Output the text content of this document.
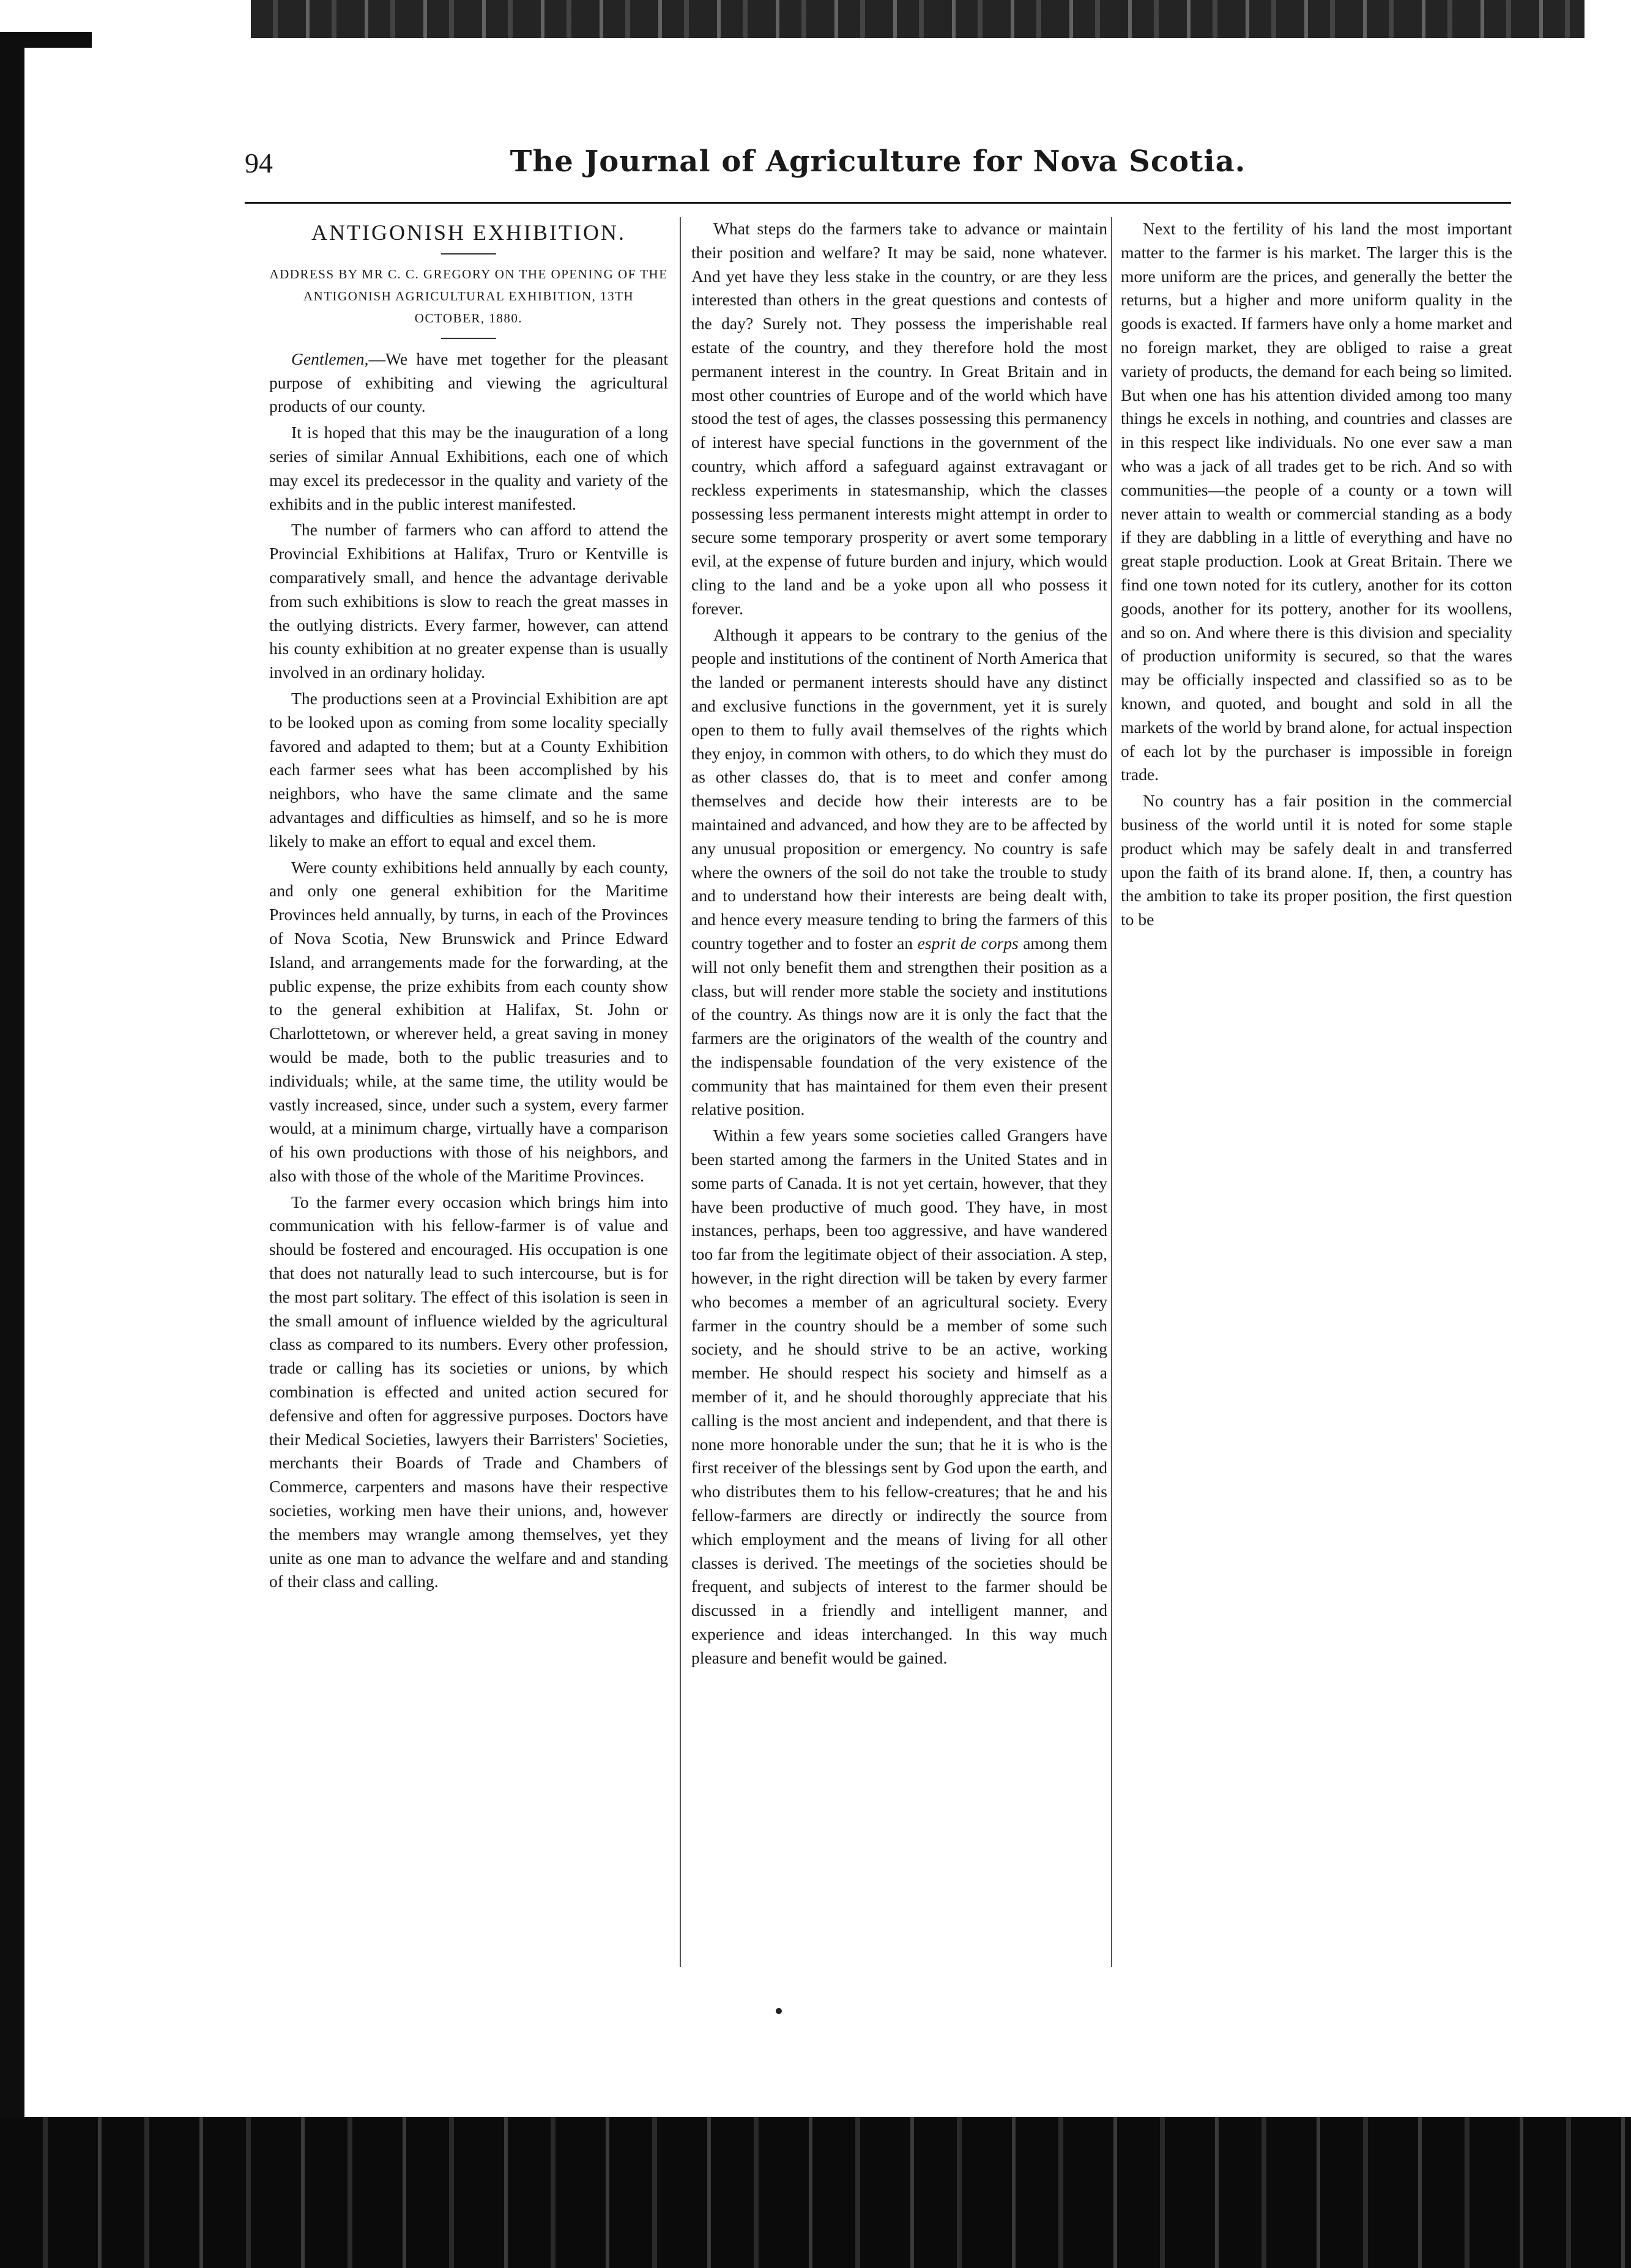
94	The Journal of Agriculture for Nova Scotia.
ANTIGONISH EXHIBITION.
ADDRESS BY MR C. C. GREGORY ON THE OPENING OF THE ANTIGONISH AGRICULTURAL EXHIBITION, 13TH OCTOBER, 1880.

Gentlemen,—We have met together for the pleasant purpose of exhibiting and viewing the agricultural products of our county.

It is hoped that this may be the inauguration of a long series of similar Annual Exhibitions, each one of which may excel its predecessor in the quality and variety of the exhibits and in the public interest manifested.

The number of farmers who can afford to attend the Provincial Exhibitions at Halifax, Truro or Kentville is comparatively small, and hence the advantage derivable from such exhibitions is slow to reach the great masses in the outlying districts. Every farmer, however, can attend his county exhibition at no greater expense than is usually involved in an ordinary holiday.

The productions seen at a Provincial Exhibition are apt to be looked upon as coming from some locality specially favored and adapted to them; but at a County Exhibition each farmer sees what has been accomplished by his neighbors, who have the same climate and the same advantages and difficulties as himself, and so he is more likely to make an effort to equal and excel them.

Were county exhibitions held annually by each county, and only one general exhibition for the Maritime Provinces held annually, by turns, in each of the Provinces of Nova Scotia, New Brunswick and Prince Edward Island, and arrangements made for the forwarding, at the public expense, the prize exhibits from each county show to the general exhibition at Halifax, St. John or Charlottetown, or wherever held, a great saving in money would be made, both to the public treasuries and to individuals; while, at the same time, the utility would be vastly increased, since, under such a system, every farmer would, at a minimum charge, virtually have a comparison of his own productions with those of his neighbors, and also with those of the whole of the Maritime Provinces.

To the farmer every occasion which brings him into communication with his fellow-farmer is of value and should be fostered and encouraged. His occupation is one that does not naturally lead to such intercourse, but is for the most part solitary. The effect of this isolation is seen in the small amount of influence wielded by the agricultural class as compared to its numbers. Every other profession, trade or calling has its societies or unions, by which combination is effected and united action secured for defensive and often for aggressive purposes. Doctors have their Medical Societies, lawyers their Barristers' Societies, merchants their Boards of Trade and Chambers of Commerce, carpenters and masons have their respective societies, working men have their unions, and, however the members may wrangle among themselves, yet they unite as one man to advance the welfare and and standing of their class and calling.

What steps do the farmers take to advance or maintain their position and welfare? It may be said, none whatever. And yet have they less stake in the country, or are they less interested than others in the great questions and contests of the day? Surely not. They possess the imperishable real estate of the country, and they therefore hold the most permanent interest in the country. In Great Britain and in most other countries of Europe and of the world which have stood the test of ages, the classes possessing this permanency of interest have special functions in the government of the country, which afford a safeguard against extravagant or reckless experiments in statesmanship, which the classes possessing less permanent interests might attempt in order to secure some temporary prosperity or avert some temporary evil, at the expense of future burden and injury, which would cling to the land and be a yoke upon all who possess it forever.

Although it appears to be contrary to the genius of the people and institutions of the continent of North America that the landed or permanent interests should have any distinct and exclusive functions in the government, yet it is surely open to them to fully avail themselves of the rights which they enjoy, in common with others, to do which they must do as other classes do, that is to meet and confer among themselves and decide how their interests are to be maintained and advanced, and how they are to be affected by any unusual proposition or emergency. No country is safe where the owners of the soil do not take the trouble to study and to understand how their interests are being dealt with, and hence every measure tending to bring the farmers of this country together and to foster an esprit de corps among them will not only benefit them and strengthen their position as a class, but will render more stable the society and institutions of the country. As things now are it is only the fact that the farmers are the originators of the wealth of the country and the indispensable foundation of the very existence of the community that has maintained for them even their present relative position.

Within a few years some societies called Grangers have been started among the farmers in the United States and in some parts of Canada. It is not yet certain, however, that they have been productive of much good. They have, in most instances, perhaps, been too aggressive, and have wandered too far from the legitimate object of their association. A step, however, in the right direction will be taken by every farmer who becomes a member of an agricultural society. Every farmer in the country should be a member of some such society, and he should strive to be an active, working member. He should respect his society and himself as a member of it, and he should thoroughly appreciate that his calling is the most ancient and independent, and that there is none more honorable under the sun; that he it is who is the first receiver of the blessings sent by God upon the earth, and who distributes them to his fellow-creatures; that he and his fellow-farmers are directly or indirectly the source from which employment and the means of living for all other classes is derived. The meetings of the societies should be frequent, and subjects of interest to the farmer should be discussed in a friendly and intelligent manner, and experience and ideas interchanged. In this way much pleasure and benefit would be gained.

Next to the fertility of his land the most important matter to the farmer is his market. The larger this is the more uniform are the prices, and generally the better the returns, but a higher and more uniform quality in the goods is exacted. If farmers have only a home market and no foreign market, they are obliged to raise a great variety of products, the demand for each being so limited. But when one has his attention divided among too many things he excels in nothing, and countries and classes are in this respect like individuals. No one ever saw a man who was a jack of all trades get to be rich. And so with communities—the people of a county or a town will never attain to wealth or commercial standing as a body if they are dabbling in a little of everything and have no great staple production. Look at Great Britain. There we find one town noted for its cutlery, another for its cotton goods, another for its pottery, another for its woollens, and so on. And where there is this division and speciality of production uniformity is secured, so that the wares may be officially inspected and classified so as to be known, and quoted, and bought and sold in all the markets of the world by brand alone, for actual inspection of each lot by the purchaser is impossible in foreign trade.

No country has a fair position in the commercial business of the world until it is noted for some staple product which may be safely dealt in and transferred upon the faith of its brand alone. If, then, a country has the ambition to take its proper position, the first question to be
